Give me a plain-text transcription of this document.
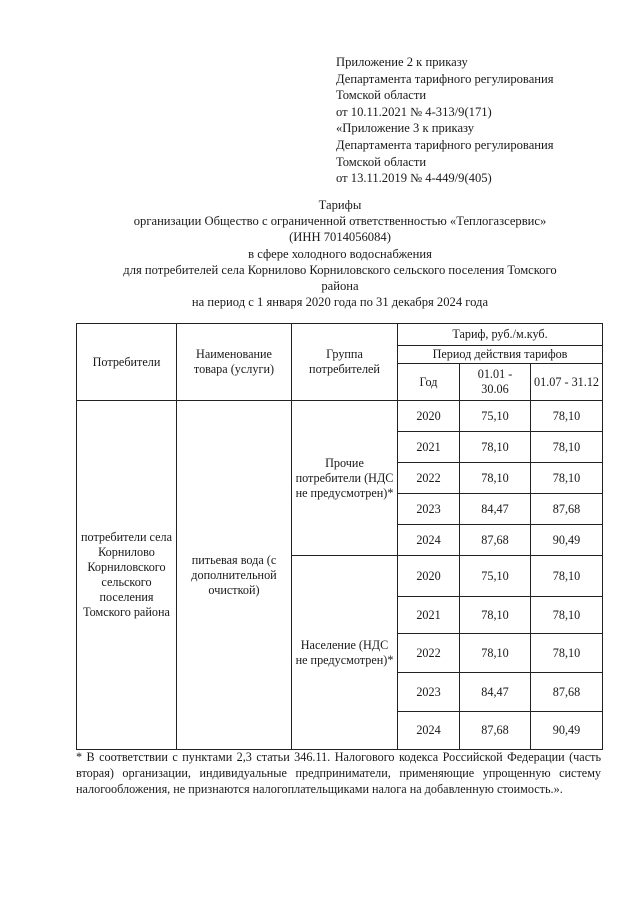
Приложение 2 к приказу
Департамента тарифного регулирования
Томской области
от 10.11.2021 № 4-313/9(171)
«Приложение 3 к приказу
Департамента тарифного регулирования
Томской области
от 13.11.2019 № 4-449/9(405)
Тарифы
организации Общество с ограниченной ответственностью «Теплогазсервис»
(ИНН 7014056084)
в сфере холодного водоснабжения
для потребителей села Корнилово Корниловского сельского поселения Томского района
на период с 1 января 2020 года по 31 декабря 2024 года
Потребители	Наименование товара (услуги)	Группа потребителей	Тариф, руб./м.куб.		
			Период действия тарифов		
			Год	01.01 - 30.06	01.07 - 31.12
потребители села Корнилово Корниловского сельского поселения Томского района	питьевая вода (с дополнительной очисткой)	Прочие потребители (НДС не предусмотрен)*	2020	75,10	78,10
			2021	78,10	78,10
			2022	78,10	78,10
			2023	84,47	87,68
			2024	87,68	90,49
		Население (НДС не предусмотрен)*	2020	75,10	78,10
			2021	78,10	78,10
			2022	78,10	78,10
			2023	84,47	87,68
			2024	87,68	90,49
* В соответствии с пунктами 2,3 статьи 346.11. Налогового кодекса Российской Федерации (часть вторая) организации, индивидуальные предприниматели, применяющие упрощенную систему налогообложения, не признаются налогоплательщиками налога на добавленную стоимость.».
